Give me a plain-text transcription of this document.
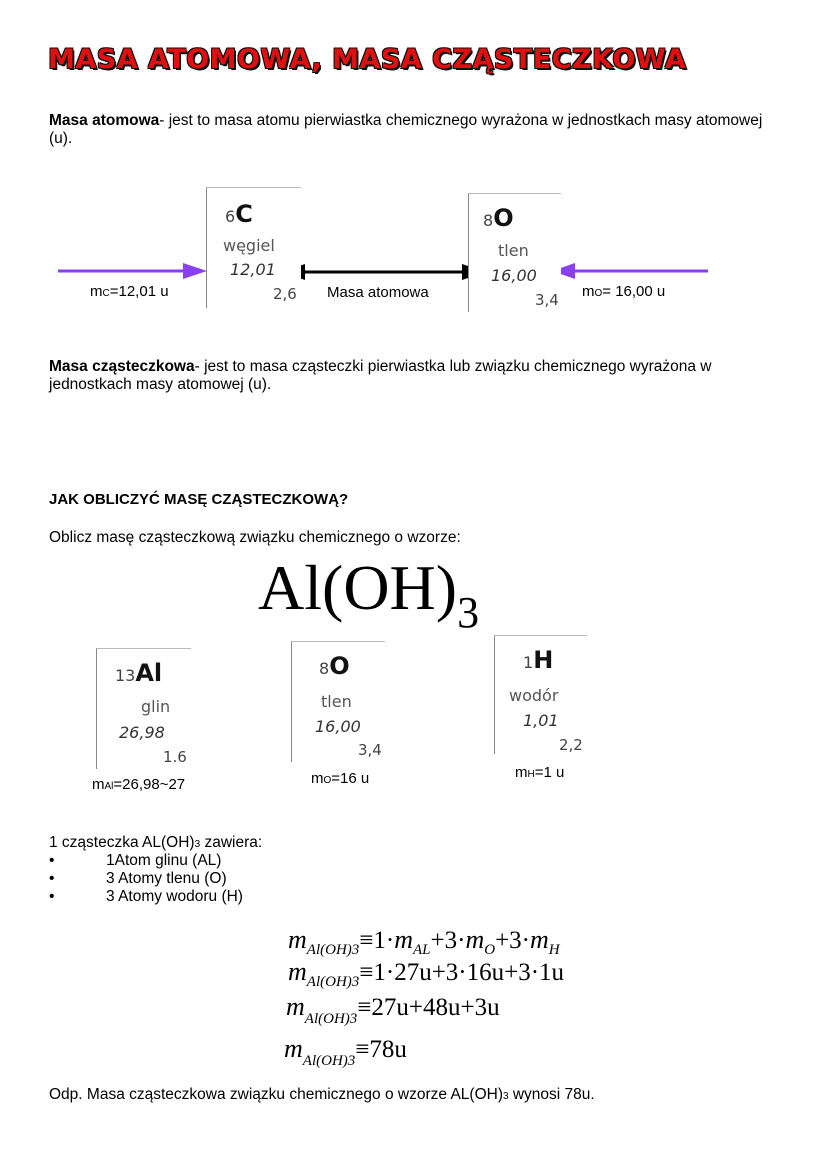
MASA ATOMOWA, MASA CZĄSTECZKOWA
Masa atomowa- jest to masa atomu pierwiastka chemicznego wyrażona w jednostkach masy atomowej (u).
6C
węgiel
12,01
2,6
8O
tlen
16,00
3,4
mC=12,01 u	Masa atomowa	mO= 16,00 u
Masa cząsteczkowa- jest to masa cząsteczki pierwiastka lub związku chemicznego wyrażona w jednostkach masy atomowej (u).
JAK OBLICZYĆ MASĘ CZĄSTECZKOWĄ?
Oblicz masę cząsteczkową związku chemicznego o wzorze:
$Al(OH)_3$
13Al
glin
26,98
1.6
8O
tlen
16,00
3,4
1H
wodór
1,01
2,2
mAl=26,98~27	mO=16 u	mH=1 u
1 cząsteczka AL(OH)3 zawiera:
• 1Atom glinu (AL)
• 3 Atomy tlenu (O)
• 3 Atomy wodoru (H)
$m_{Al(OH)3}\equiv 1\cdot m_{AL}+3\cdot m_O+3\cdot m_H$
$m_{Al(OH)3}\equiv 1\cdot 27u+3\cdot 16u+3\cdot 1u$
$m_{Al(OH)3}\equiv 27u+48u+3u$
$m_{Al(OH)3}\equiv 78u$
Odp. Masa cząsteczkowa związku chemicznego o wzorze AL(OH)3 wynosi 78u.
